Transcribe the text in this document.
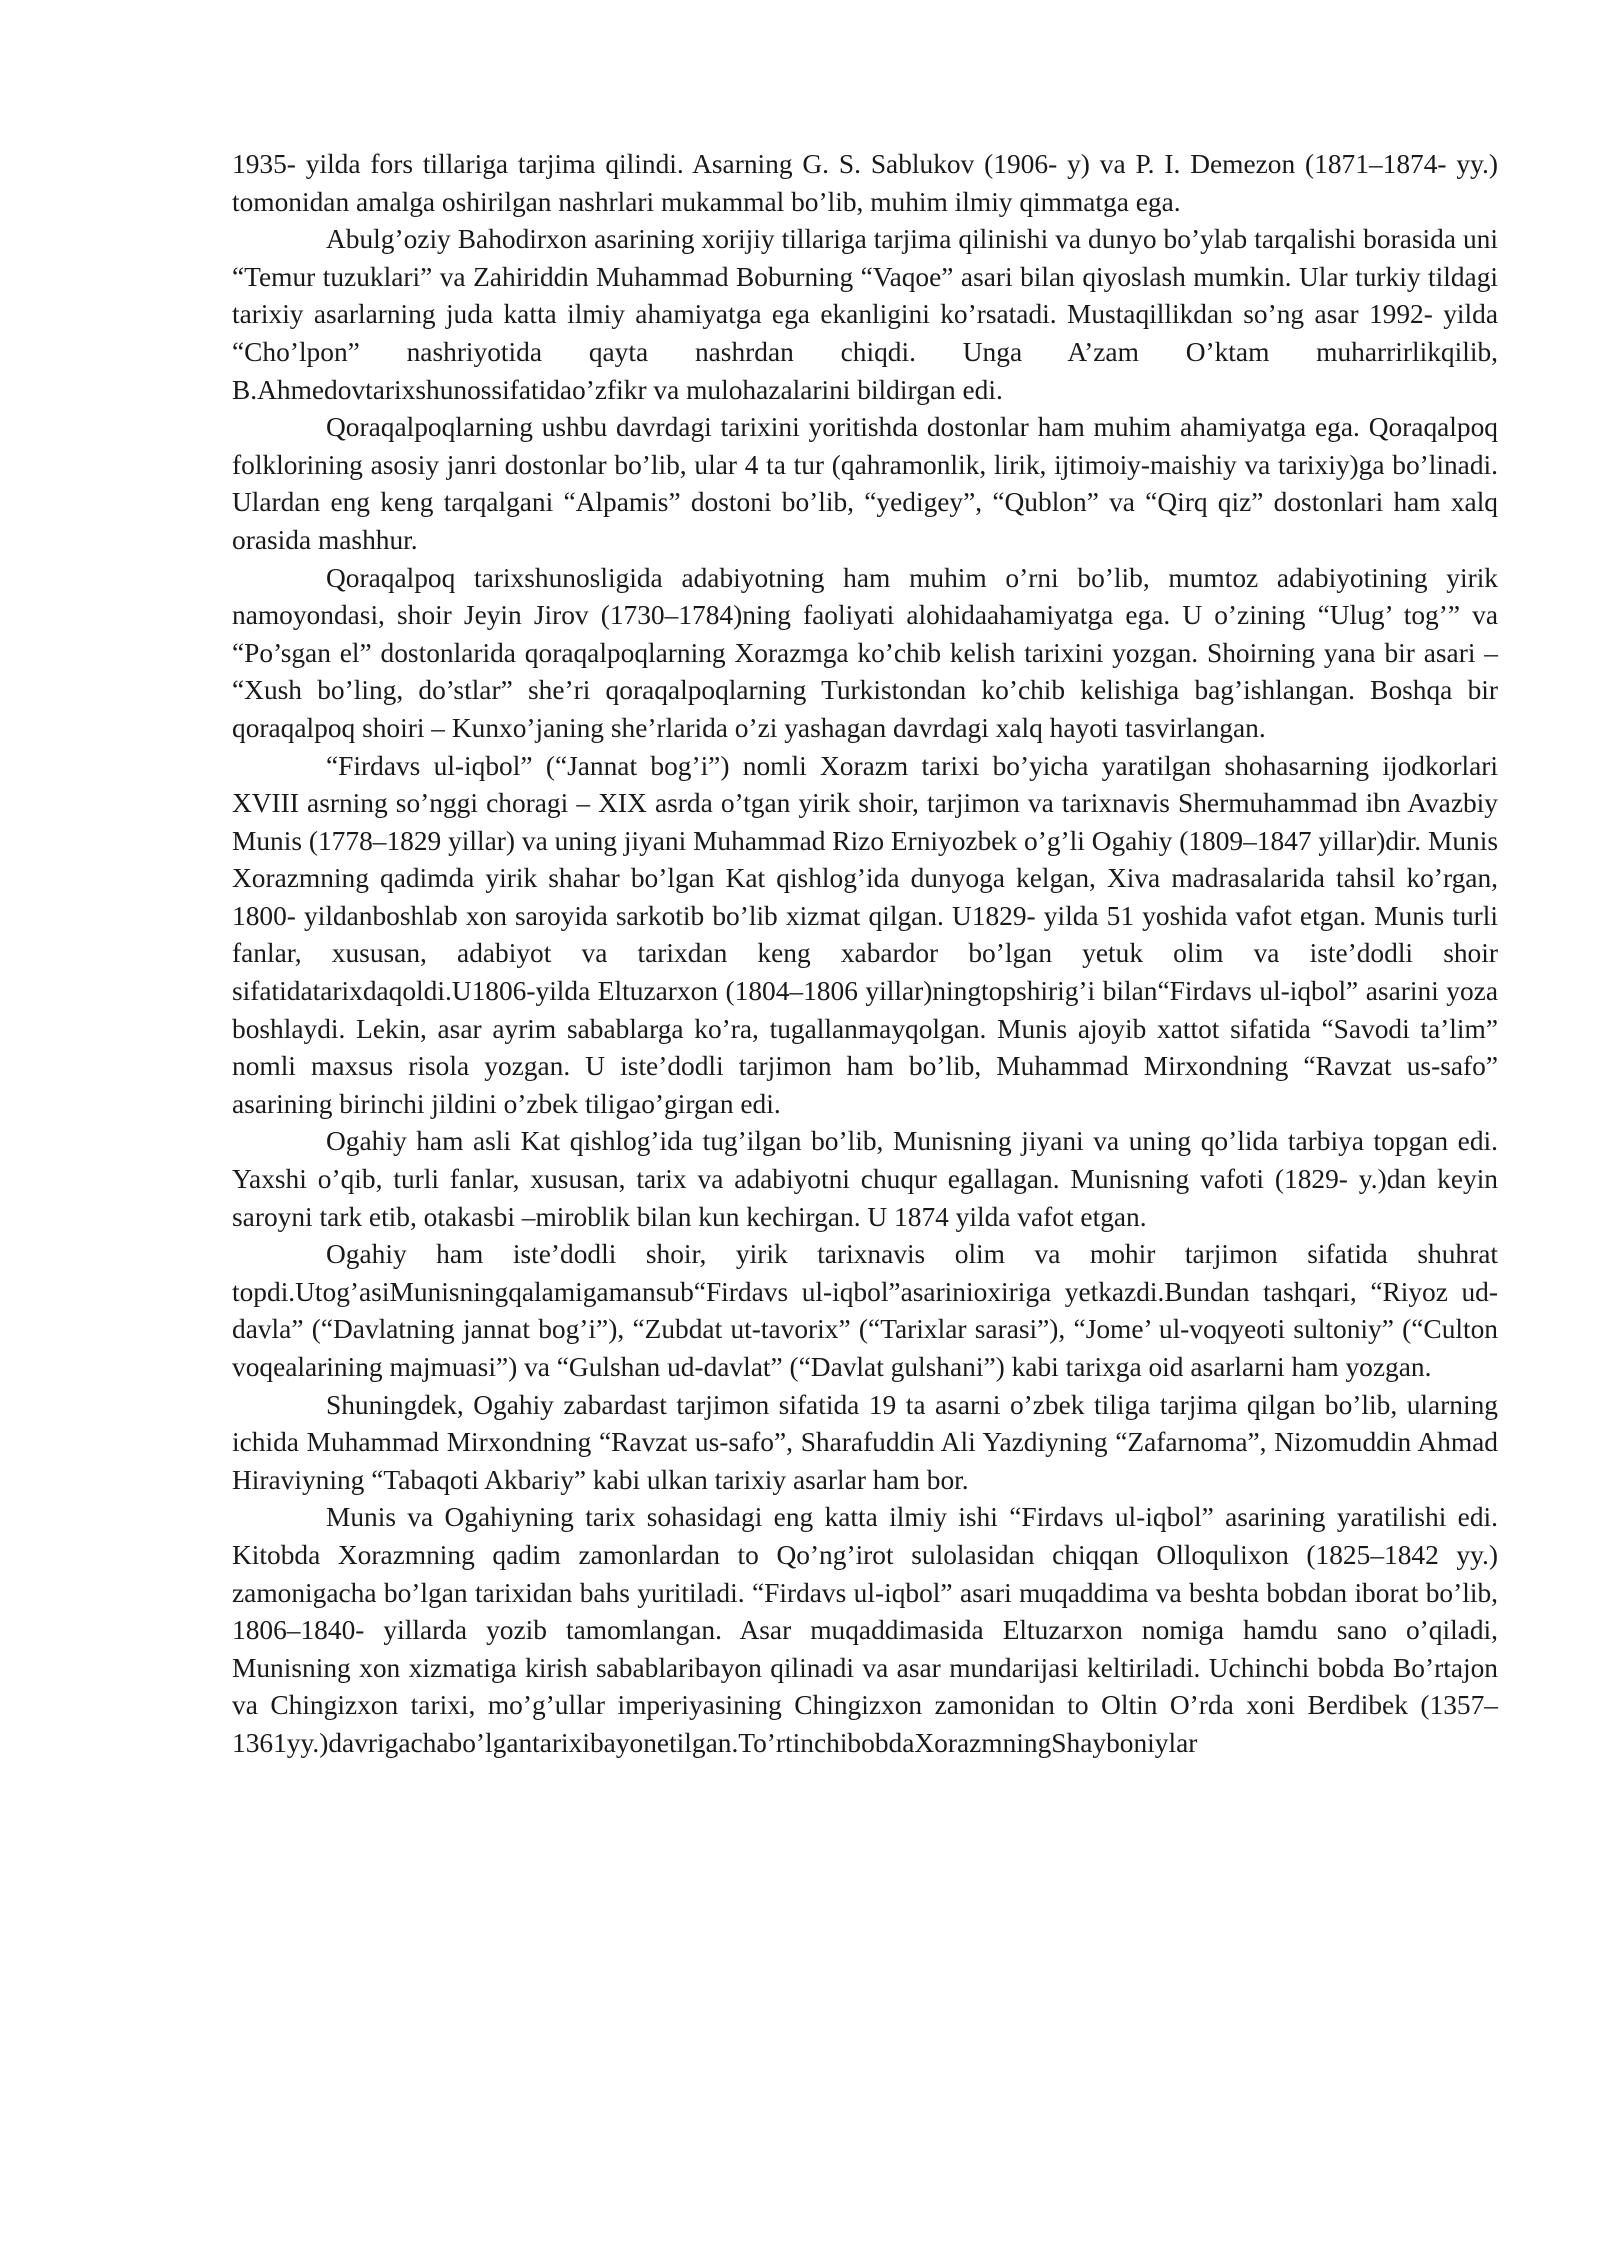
1935- yilda fors tillariga tarjima qilindi. Asarning G. S. Sablukov (1906- y) va P. I. Demezon (1871–1874- yy.) tomonidan amalga oshirilgan nashrlari mukammal bo’lib, muhim ilmiy qimmatga ega.

Abulg’oziy Bahodirxon asarining xorijiy tillariga tarjima qilinishi va dunyo bo’ylab tarqalishi borasida uni “Temur tuzuklari” va Zahiriddin Muhammad Boburning “Vaqoe” asari bilan qiyoslash mumkin. Ular turkiy tildagi tarixiy asarlarning juda katta ilmiy ahamiyatga ega ekanligini ko’rsatadi. Mustaqillikdan so’ng asar 1992- yilda “Cho’lpon” nashriyotida qayta nashrdan chiqdi. Unga A’zam O’ktam muharrirlikqilib, B.Ahmedovtarixshunossifatidao’zfikr va mulohazalarini bildirgan edi.

Qoraqalpoqlarning ushbu davrdagi tarixini yoritishda dostonlar ham muhim ahamiyatga ega. Qoraqalpoq folklorining asosiy janri dostonlar bo’lib, ular 4 ta tur (qahramonlik, lirik, ijtimoiy-maishiy va tarixiy)ga bo’linadi. Ulardan eng keng tarqalgani “Alpamis” dostoni bo’lib, “yedigey”, “Qublon” va “Qirq qiz” dostonlari ham xalq orasida mashhur.

Qoraqalpoq tarixshunosligida adabiyotning ham muhim o’rni bo’lib, mumtoz adabiyotining yirik namoyondasi, shoir Jeyin Jirov (1730–1784)ning faoliyati alohidaahamiyatga ega. U o’zining “Ulug’ tog’” va “Po’sgan el” dostonlarida qoraqalpoqlarning Xorazmga ko’chib kelish tarixini yozgan. Shoirning yana bir asari – “Xush bo’ling, do’stlar” she’ri qoraqalpoqlarning Turkistondan ko’chib kelishiga bag’ishlangan. Boshqa bir qoraqalpoq shoiri – Kunxo’janing she’rlarida o’zi yashagan davrdagi xalq hayoti tasvirlangan.

“Firdavs ul-iqbol” (“Jannat bog’i”) nomli Xorazm tarixi bo’yicha yaratilgan shohasarning ijodkorlari XVIII asrning so’nggi choragi – XIX asrda o’tgan yirik shoir, tarjimon va tarixnavis Shermuhammad ibn Avazbiy Munis (1778–1829 yillar) va uning jiyani Muhammad Rizo Erniyozbek o’g’li Ogahiy (1809–1847 yillar)dir. Munis Xorazmning qadimda yirik shahar bo’lgan Kat qishlog’ida dunyoga kelgan, Xiva madrasalarida tahsil ko’rgan, 1800- yildanboshlab xon saroyida sarkotib bo’lib xizmat qilgan. U1829- yilda 51 yoshida vafot etgan. Munis turli fanlar, xususan, adabiyot va tarixdan keng xabardor bo’lgan yetuk olim va iste’dodli shoir sifatidatarixdaqoldi.U1806-yilda Eltuzarxon (1804–1806 yillar)ningtopshirig’i bilan“Firdavs ul-iqbol” asarini yoza boshlaydi. Lekin, asar ayrim sabablarga ko’ra, tugallanmayqolgan. Munis ajoyib xattot sifatida “Savodi ta’lim” nomli maxsus risola yozgan. U iste’dodli tarjimon ham bo’lib, Muhammad Mirxondning “Ravzat us-safo” asarining birinchi jildini o’zbek tiligao’girgan edi.

Ogahiy ham asli Kat qishlog’ida tug’ilgan bo’lib, Munisning jiyani va uning qo’lida tarbiya topgan edi. Yaxshi o’qib, turli fanlar, xususan, tarix va adabiyotni chuqur egallagan. Munisning vafoti (1829- y.)dan keyin saroyni tark etib, otakasbi –miroblik bilan kun kechirgan. U 1874 yilda vafot etgan.

Ogahiy ham iste’dodli shoir, yirik tarixnavis olim va mohir tarjimon sifatida shuhrat topdi.Utog’asiMunisningqalamigamansub“Firdavs ul-iqbol”asarinioxiriga yetkazdi.Bundan tashqari, “Riyoz ud-davla” (“Davlatning jannat bog’i”), “Zubdat ut-tavorix” (“Tarixlar sarasi”), “Jome’ ul-voqyeoti sultoniy” (“Culton voqealarining majmuasi”) va “Gulshan ud-davlat” (“Davlat gulshani”) kabi tarixga oid asarlarni ham yozgan.

Shuningdek, Ogahiy zabardast tarjimon sifatida 19 ta asarni o’zbek tiliga tarjima qilgan bo’lib, ularning ichida Muhammad Mirxondning “Ravzat us-safo”, Sharafuddin Ali Yazdiyning “Zafarnoma”, Nizomuddin Ahmad Hiraviyning “Tabaqoti Akbariy” kabi ulkan tarixiy asarlar ham bor.

Munis va Ogahiyning tarix sohasidagi eng katta ilmiy ishi “Firdavs ul-iqbol” asarining yaratilishi edi. Kitobda Xorazmning qadim zamonlardan to Qo’ng’irot sulolasidan chiqqan Olloqulixon (1825–1842 yy.) zamonigacha bo’lgan tarixidan bahs yuritiladi. “Firdavs ul-iqbol” asari muqaddima va beshta bobdan iborat bo’lib, 1806–1840- yillarda yozib tamomlangan. Asar muqaddimasida Eltuzarxon nomiga hamdu sano o’qiladi, Munisning xon xizmatiga kirish sabablaribayon qilinadi va asar mundarijasi keltiriladi. Uchinchi bobda Bo’rtajon va Chingizxon tarixi, mo’g’ullar imperiyasining Chingizxon zamonidan to Oltin O’rda xoni Berdibek (1357–1361yy.)davrigachabo’lgantarixibayonetilgan.To’rtinchibobdaXorazmningShayboniylar
